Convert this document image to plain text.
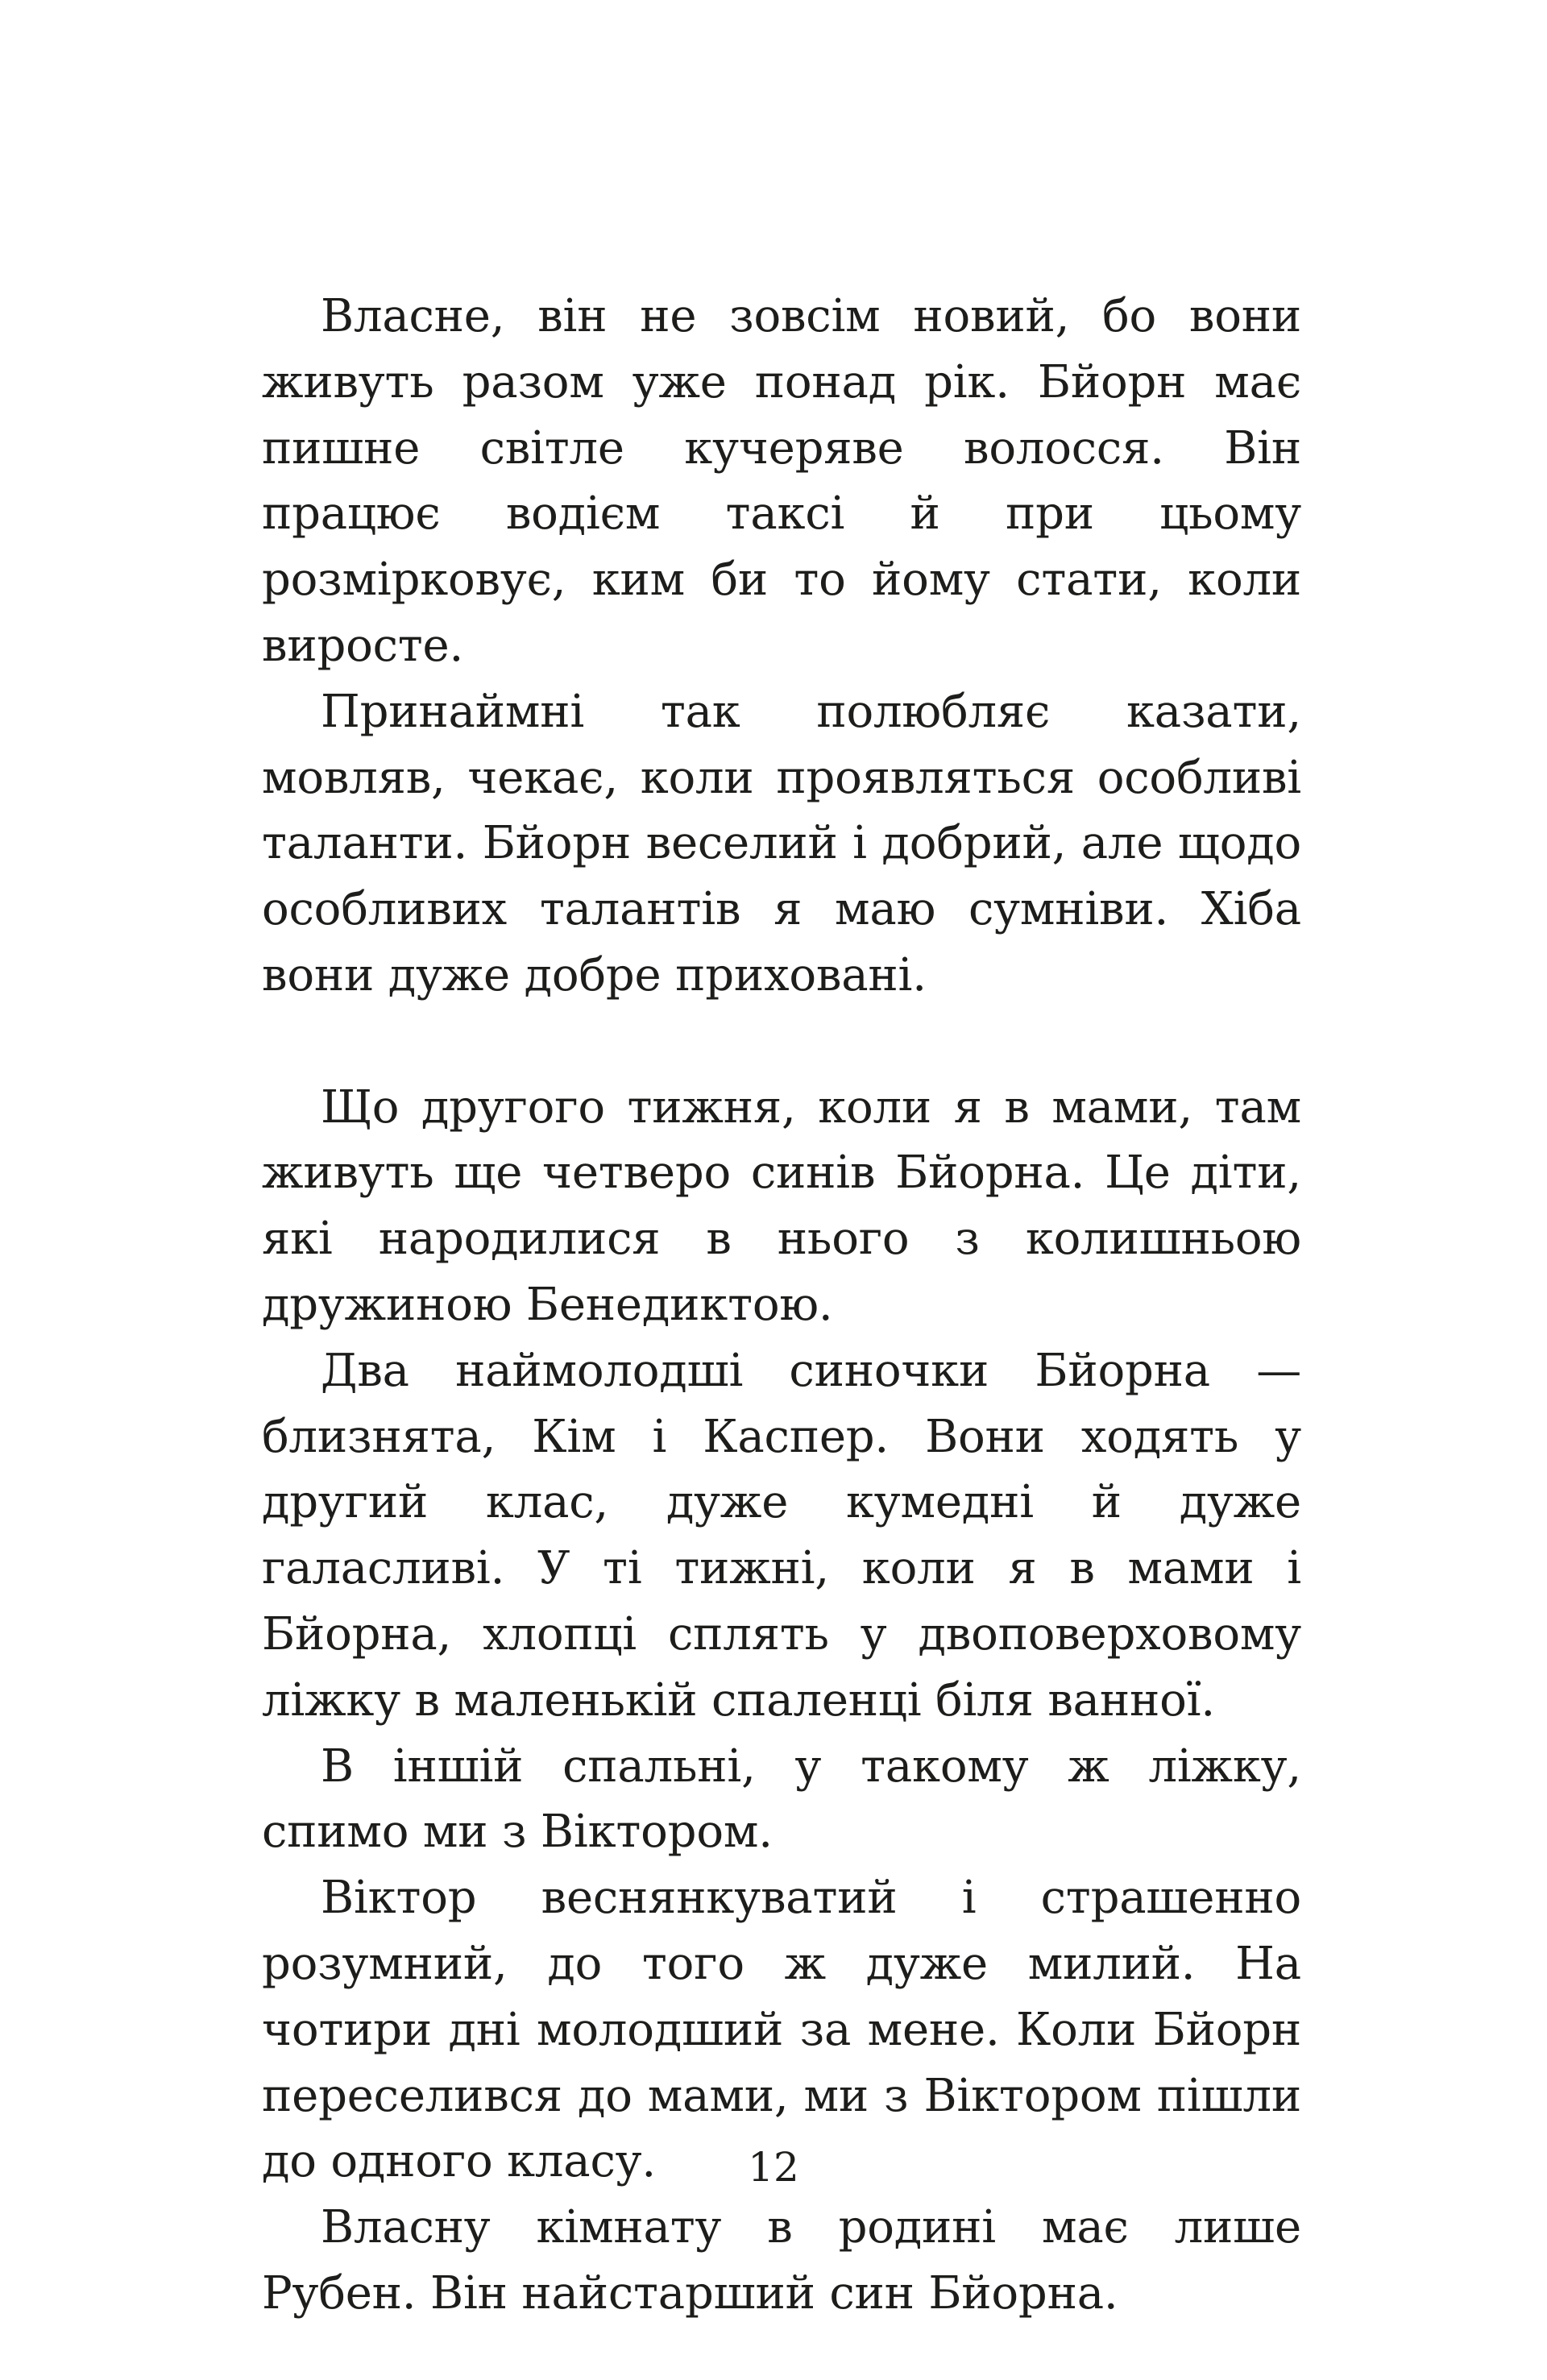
Власне, він не зовсім новий, бо вони живуть разом уже понад рік. Бйорн має пишне світле кучеряве волосся. Він працює водієм таксі й при цьому розмірковує, ким би то йому стати, коли виросте.

Принаймні так полюбляє казати, мовляв, чекає, коли проявляться особливі таланти. Бйорн веселий і добрий, але щодо особливих талантів я маю сумніви. Хіба вони дуже добре приховані.

Що другого тижня, коли я в мами, там живуть ще четверо синів Бйорна. Це діти, які народилися в нього з колишньою дружиною Бенедиктою.

Два наймолодші синочки Бйорна — близнята, Кім і Каспер. Вони ходять у другий клас, дуже кумедні й дуже галасливі. У ті тижні, коли я в мами і Бйорна, хлопці сплять у двоповерховому ліжку в маленькій спаленці біля ванної.

В іншій спальні, у такому ж ліжку, спимо ми з Віктором.

Віктор веснянкуватий і страшенно розумний, до того ж дуже милий. На чотири дні молодший за мене. Коли Бйорн переселився до мами, ми з Віктором пішли до одного класу.

Власну кімнату в родині має лише Рубен. Він найстарший син Бйорна.

12
